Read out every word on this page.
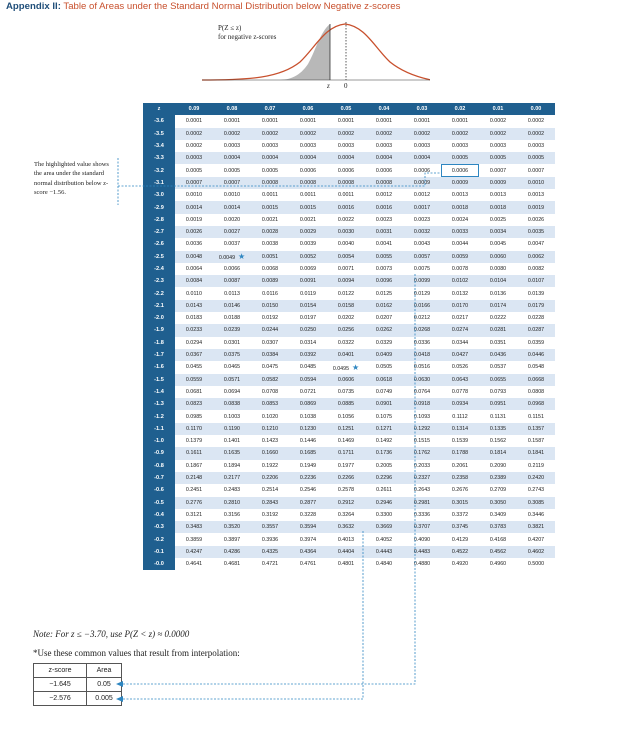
Appendix II: Table of Areas under the Standard Normal Distribution below Negative z-scores
P(Z ≤ z)
for negative z-scores
z 0
The highlighted value shows the area under the standard normal distribution below z-score −1.56.
z	0.09	0.08	0.07	0.06	0.05	0.04	0.03	0.02	0.01	0.00
-3.6	0.0001	0.0001	0.0001	0.0001	0.0001	0.0001	0.0001	0.0001	0.0002	0.0002
-3.5	0.0002	0.0002	0.0002	0.0002	0.0002	0.0002	0.0002	0.0002	0.0002	0.0002
-3.4	0.0002	0.0003	0.0003	0.0003	0.0003	0.0003	0.0003	0.0003	0.0003	0.0003
-3.3	0.0003	0.0004	0.0004	0.0004	0.0004	0.0004	0.0004	0.0005	0.0005	0.0005
-3.2	0.0005	0.0005	0.0005	0.0006	0.0006	0.0006	0.0006	0.0006	0.0007	0.0007
-3.1	0.0007	0.0007	0.0008	0.0008	0.0008	0.0008	0.0009	0.0009	0.0009	0.0010
-3.0	0.0010	0.0010	0.0011	0.0011	0.0011	0.0012	0.0012	0.0013	0.0013	0.0013
-2.9	0.0014	0.0014	0.0015	0.0015	0.0016	0.0016	0.0017	0.0018	0.0018	0.0019
-2.8	0.0019	0.0020	0.0021	0.0021	0.0022	0.0023	0.0023	0.0024	0.0025	0.0026
-2.7	0.0026	0.0027	0.0028	0.0029	0.0030	0.0031	0.0032	0.0033	0.0034	0.0035
-2.6	0.0036	0.0037	0.0038	0.0039	0.0040	0.0041	0.0043	0.0044	0.0045	0.0047
-2.5	0.0048	0.0049 ★	0.0051	0.0052	0.0054	0.0055	0.0057	0.0059	0.0060	0.0062
-2.4	0.0064	0.0066	0.0068	0.0069	0.0071	0.0073	0.0075	0.0078	0.0080	0.0082
-2.3	0.0084	0.0087	0.0089	0.0091	0.0094	0.0096	0.0099	0.0102	0.0104	0.0107
-2.2	0.0110	0.0113	0.0116	0.0119	0.0122	0.0125	0.0129	0.0132	0.0136	0.0139
-2.1	0.0143	0.0146	0.0150	0.0154	0.0158	0.0162	0.0166	0.0170	0.0174	0.0179
-2.0	0.0183	0.0188	0.0192	0.0197	0.0202	0.0207	0.0212	0.0217	0.0222	0.0228
-1.9	0.0233	0.0239	0.0244	0.0250	0.0256	0.0262	0.0268	0.0274	0.0281	0.0287
-1.8	0.0294	0.0301	0.0307	0.0314	0.0322	0.0329	0.0336	0.0344	0.0351	0.0359
-1.7	0.0367	0.0375	0.0384	0.0392	0.0401	0.0409	0.0418	0.0427	0.0436	0.0446
-1.6	0.0455	0.0465	0.0475	0.0485	0.0495 ★	0.0505	0.0516	0.0526	0.0537	0.0548
-1.5	0.0559	0.0571	0.0582	0.0594	0.0606	0.0618	0.0630	0.0643	0.0655	0.0668
-1.4	0.0681	0.0694	0.0708	0.0721	0.0735	0.0749	0.0764	0.0778	0.0793	0.0808
-1.3	0.0823	0.0838	0.0853	0.0869	0.0885	0.0901	0.0918	0.0934	0.0951	0.0968
-1.2	0.0985	0.1003	0.1020	0.1038	0.1056	0.1075	0.1093	0.1112	0.1131	0.1151
-1.1	0.1170	0.1190	0.1210	0.1230	0.1251	0.1271	0.1292	0.1314	0.1335	0.1357
-1.0	0.1379	0.1401	0.1423	0.1446	0.1469	0.1492	0.1515	0.1539	0.1562	0.1587
-0.9	0.1611	0.1635	0.1660	0.1685	0.1711	0.1736	0.1762	0.1788	0.1814	0.1841
-0.8	0.1867	0.1894	0.1922	0.1949	0.1977	0.2005	0.2033	0.2061	0.2090	0.2119
-0.7	0.2148	0.2177	0.2206	0.2236	0.2266	0.2296	0.2327	0.2358	0.2389	0.2420
-0.6	0.2451	0.2483	0.2514	0.2546	0.2578	0.2611	0.2643	0.2676	0.2709	0.2743
-0.5	0.2776	0.2810	0.2843	0.2877	0.2912	0.2946	0.2981	0.3015	0.3050	0.3085
-0.4	0.3121	0.3156	0.3192	0.3228	0.3264	0.3300	0.3336	0.3372	0.3409	0.3446
-0.3	0.3483	0.3520	0.3557	0.3594	0.3632	0.3669	0.3707	0.3745	0.3783	0.3821
-0.2	0.3859	0.3897	0.3936	0.3974	0.4013	0.4052	0.4090	0.4129	0.4168	0.4207
-0.1	0.4247	0.4286	0.4325	0.4364	0.4404	0.4443	0.4483	0.4522	0.4562	0.4602
-0.0	0.4641	0.4681	0.4721	0.4761	0.4801	0.4840	0.4880	0.4920	0.4960	0.5000
Note: For z ≤ −3.70, use P(Z < z) ≈ 0.0000
*Use these common values that result from interpolation:
z-score	Area
−1.645	0.05
−2.576	0.005
